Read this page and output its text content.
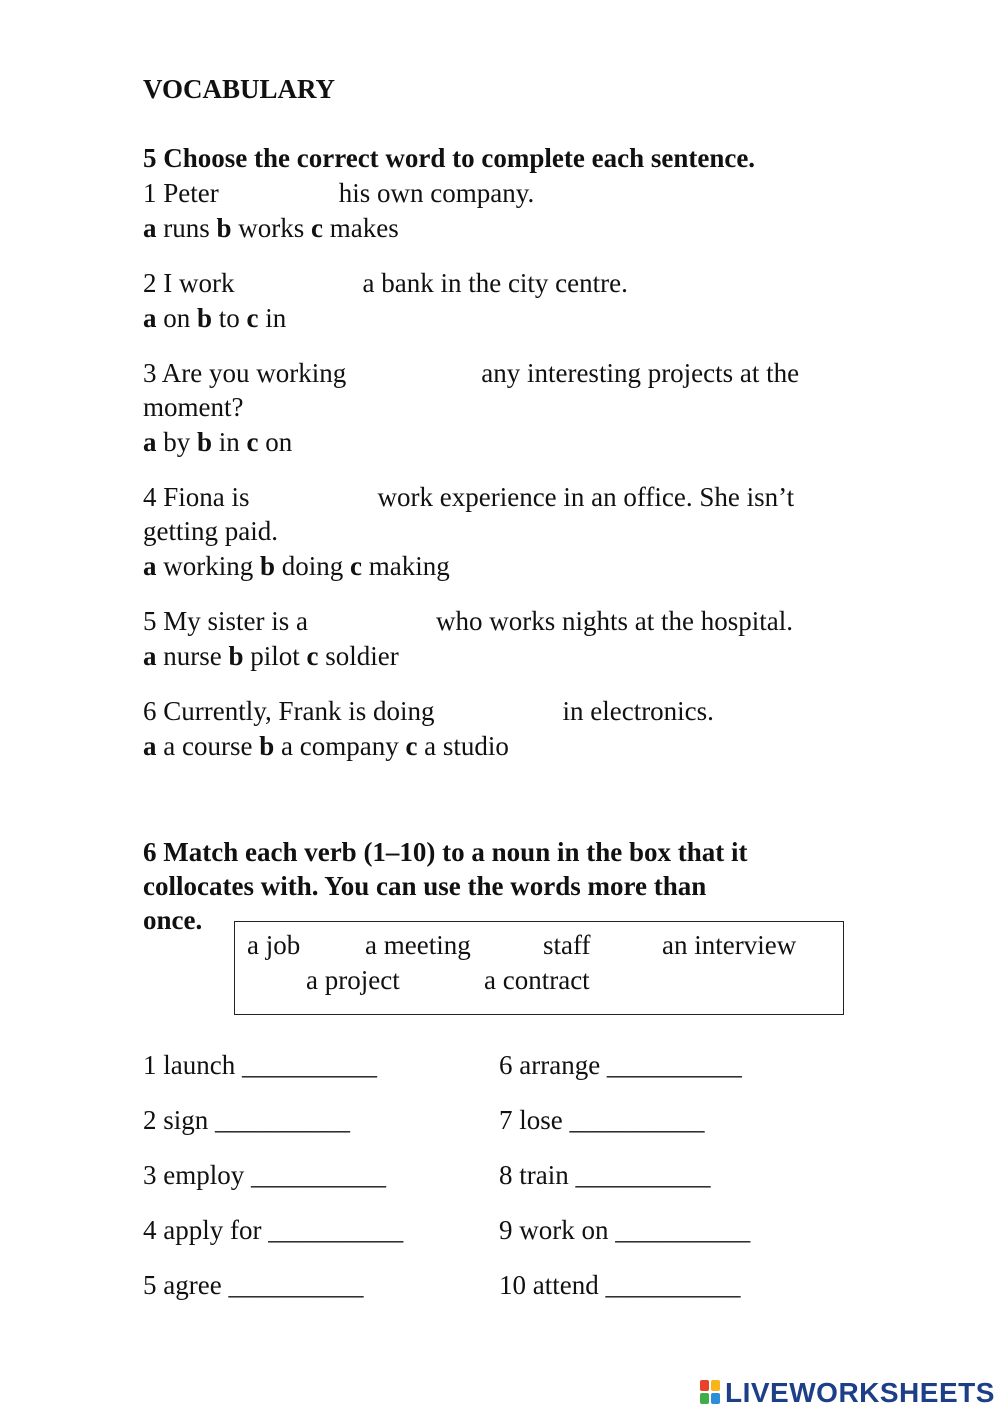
VOCABULARY
5 Choose the correct word to complete each sentence.
1 Peter	his own company.
a runs b works c makes
2 I work	a bank in the city centre.
a on b to c in
3 Are you working	any interesting projects at the
moment?
a by b in c on
4 Fiona is	work experience in an office. She isn’t
getting paid.
a working b doing c making
5 My sister is a	who works nights at the hospital.
a nurse b pilot c soldier
6 Currently, Frank is doing	in electronics.
a a course b a company c a studio
6 Match each verb (1–10) to a noun in the box that it
collocates with. You can use the words more than
once.
a job a meeting	staff	an interview
a project	a contract
1 launch __________
2 sign __________
3 employ __________
4 apply for __________
5 agree __________
6 arrange __________
7 lose __________
8 train __________
9 work on __________
10 attend __________
LIVEWORKSHEETS
